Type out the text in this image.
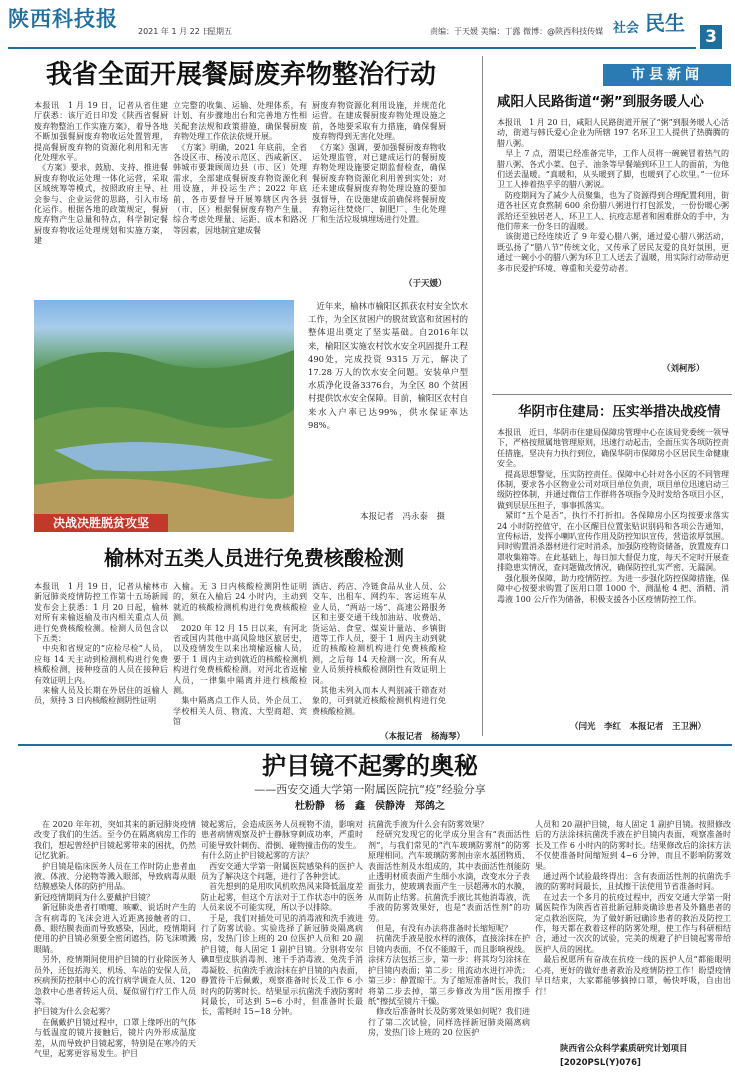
陕西科技报
2021 年 1 月 22 日
星期五	责编：于天媛 美编：丁露 微博：@陕西科技传媒 社会 民生
3
我省全面开展餐厨废弃物整治行动
本报讯　1 月 19 日，记者从省住建厅获悉：该厅近日印发《陕西省餐厨废弃物整治工作实施方案》，着导各地不断加强餐厨废弃物收运处置管理，提高餐厨废弃物的资源化利用和无害化处理水平。
　《方案》要求，鼓励、支持、推进餐厨废弃物收运处理一体化运营，采取区域统筹等模式，按照政府主导、社会参与、企业运营的思路，引入市场化运作。根据各地的政策规定，餐厨废弃物产生总量和特点，科学制定餐厨废弃物收运处理规划和实施方案，建
立完整的收集、运输、处理体系，有计划、有步骤地出台和完善地方性相关配套法规和政策措施，确保餐厨废弃物处理工作依法依规开展。
　《方案》明确，2021 年底前，全省各设区市、杨凌示范区、西咸新区、韩城市要兼顾周边县（市、区）处理需求，全部建成餐厨废弃物资源化利用设施，并投运生产；2022 年底前，各市要督导开展筹辖区内各县（市、区）根据餐厨废弃物产生量、综合考虑处理量、运距、成本和路况等因素，因地制宜建成餐
厨废弃物资源化利用设施，并规范化运营。在建成餐厨废弃物处理设施之前，各地要采取有力措施，确保餐厨废弃物得到无害化处理。
　《方案》强调，要加强餐厨废弃物收运处理监管，对已建成运行的餐厨废弃物处理设施要定期监督检查，确保餐厨废弃物资源化利用普到实处；对还未建成餐厨废弃物处理设施的要加强督导，在设施建成前确保将餐厨废弃物运往焚烧厂、制肥厂、生化处理厂和生活垃圾填埋场进行处置。
（于天媛）
决战决胜脱贫攻坚
　近年来，榆林市榆阳区抓获农村安全饮水工作，为全区贫困户的脱贫致富和贫困村的整体退出奠定了坚实基础。自2016年以来，榆阳区实施农村饮水安全巩固提升工程 490处，完成投资 9315 万元，解决了 17.28 万人的饮水安全问题。安装单户型水质净化设备3376台，为全区 80 个贫困村提供饮水安全保障。目前，榆阳区农村自来水入户率已达99%，供水保证率达 98%。
本报记者　冯永泰　摄
榆林对五类人员进行免费核酸检测
本报讯　1 月 19 日，记者从榆林市新冠肺炎疫情防控工作第十五场新闻发布会上获悉：1 月 20 日起，榆林对所有来榆返榆及市内相关重点人员进行免费核酸检测。检测人员包含以下五类：
　中央和省规定的“应检尽检”人员，应每 14 天主动到检测机构进行免费核酸检测，接种疫苗的人员在接种后有效证明上内。
　来榆人员及长期在外居住的返榆人员，须持 3 日内核酸检测阴性证明
入榆。无 3 日内核酸检测阴性证明的，须在入榆后 24 小时内，主动到就近的核酸检测机构进行免费核酸检测。
　2020 年 12 月 15 日以来，有河北省或国内其他中高风险地区旅居史，以及疫情发生以来出境榆返榆人员，要于 1 周内主动到就近的核酸检测机构进行免费核酸检测。对河北省返榆人员，一律集中隔离并进行核酸检测。
　集中隔离点工作人员、外企员工、学校相关人员、物流、大型商超、宾馆
酒店、药店、冷链食品从业人员、公交车、出租车、网约车、客运班车从业人员，“两站一场”、高速公路服务区和主要交通干线加油站、收费站、货运站、食堂、煤炭计量站、乡镇街道等工作人员，要于 1 周内主动到就近的核酸检测机构进行免费核酸检测，之后每 14 天检测一次，所有从业人员须持核酸检测阴性有效证明上岗。
　其他未列入而本人判别减干筛查对象的，可到就近核酸检测机构进行免费核酸检测。
（本报记者　杨海琴）
市县新闻
咸阳人民路街道“粥”到服务暖人心
本报讯　1 月 20 日，咸阳人民路街道开展了“粥”到服务暖人心活动，街道与韩氏爱心企业为所辖 197 名环卫工人提供了热腾腾的腊八粥。
　早上 7 点，渭渠已经准备完毕，工作人员将一碗碗冒着热气的腊八粥、各式小菜、包子、油条等早餐端到环卫工人的面前，为他们送去温暖。“真暖和，从头暖到了脚，也暖到了心坎里。”一位环卫工人捧着热乎乎的腊八粥说。
　防疫期间为了减少人员聚集，也为了资源得到合理配置利用，街道各社区克食熬制 600 余份腊八粥进行打包派发，一份份暖心粥派给还至独居老人、环卫工人、抗疫志愿者和困难群众的手中，为他们带来一份冬日的温暖。
　该街道已经连续近了 9 年爱心腊八粥，通过爱心腊八粥活动，既弘扬了“腊八节”传统文化，又传承了居民友爱的良好氛围，更通过一碗小小的腊八粥为环卫工人送去了温暖，用实际行动带动更多市民爱护环境、尊重和关爱劳动者。
（刘柯彤）
华阴市住建局：压实举措决战疫情
本报讯　近日，华阴市住建局保障房管理中心在该局党委统一领导下，严格按照属地管理原则，迅速行动起击，全面压实各项防控责任措施，坚决有力执行到位，确保华阴市保障房小区居民生命健康安全。
　提高思想警觉，压实防控责任。保障中心针对各小区的不同管理体制，要求各小区物业公司对项目单位负责，项目单位迅速启动三级防控体制，并通过微信工作群将各项指令及时发给各项目小区，做到层层压担子，事事抓落实。
　紧盯“五个是否”，执行不打折扣。各保障房小区均按要求落实 24 小时防控值守，在小区醒目位置张贴识别码和各项公告通知，宣传标语，发挥小喇叭宣传作用及防控知识宣传，营造浓厚氛围。同时购置消杀器材进行定时消杀，加强防疫物资储备，放置废弃口罩收集箱等。在此基础上，每日加大督促力度，每天不定时开展查排隐患实情况，查问题做改情况，确保防控扎实严密、无漏洞。
　强化服务保障，助力疫情防控。为进一步强化防控保障措施，保障中心按要求购置了医用口罩 1000 个、测温枪 4 把、酒精、消毒液 100 公斤作为储备，积极支援各小区疫情防控工作。
（闫光　李红　本报记者　王卫洲）
护目镜不起雾的奥秘
——西安交通大学第一附属医院抗“疫”经验分享
杜粉静　杨　鑫　侯静涛　郑鸽之
　在 2020 年年初，突如其来的新冠肺炎疫情改变了我们的生活。至今仍在隔离病房工作的我们，想起曾经护目镜起雾带来的困扰，仍然记忆犹新。
　护目镜是临床医务人员在工作时防止患者血液、体液、分泌物等溅入眼部，导致病毒从眼结膜感染人体的防护用品。
新冠疫情期间为什么要戴护目镜？
　新冠肺炎患者打喷嚏、咳嗽、说话时产生的含有病毒的飞沫会进入近距离接触者的口、鼻、眼结膜表面而导致感染，因此，疫情期间使用的护目镜必须要全密闭遮挡，防飞沫喷溅眼睛。
　另外，疫情期间使用护目镜的行业除医务人员外，还包括海关、机场、车站的安保人员，疾病预防控制中心的流行病学调查人员、120 急救中心患者转运人员、疑似留行疗工作人员等。
护目镜为什么会起雾？
　在佩戴护目镜过程中，口罩上缘呼出的气体与低温度的镜片接触后，镜片内外形成温度差，从而导致护目镜起雾，特别是在寒冷的天气里，起雾更容易发生。护目
镜起雾后，会造成医务人员视物不清，影响对患者病情观察及护士静脉穿刺成功率，严重时可能导致针刺伤、滑倒、碰物撞击伤的发生。
有什么防止护目镜起雾的方法？
　西安交通大学第一附属医院感染科的医护人员为了解决这个问题，进行了各种尝试。
　首先想到的是用吹风机吹热风来降低温度差防止起雾，但这个方法对于工作状态中的医务人员来说不可能实现，所以予以排除。
　于是，我们对插处可见的消毒液和洗手液进行了防雾试验。实验选择了新冠肺炎隔离病房，发热门诊上班的 20 位医护人员和 20 副护目镜，每人固定 1 副护目镜。分别将安尔碘Ⅱ型皮肤消毒剂、速干手消毒液、免洗手消毒凝胶、抗菌洗手液涂抹在护目镜的内表面，静置待干后佩戴，观察准备时长及工作 6 小时内的防雾时长。结果显示抗菌洗手液防雾时间最长，可达到 5~6 小时，但准备时长最长，需耗时 15~18 分钟。
抗菌洗手液为什么会有防雾效果？
　经研究发现它的化学成分里含有“表面活性剂”，与我们常见的“汽车玻璃防雾剂”的防雾原理相同。汽车玻璃防雾剂由亲水基团物质、表面活性剂及水组成的，其中表面活性剂能防止透明材质表面产生细小水滴，改变水分子表面张力，使玻璃表面产生一层超薄水的水膜，从而防止结雾。抗菌洗手液比其他消毒液，洗手液的防雾效果好，也是“表面活性剂”的功劳。
　但是，有没有办法将准备时长缩短呢？
　抗菌洗手液是胶水样的液体，直接涂抹在护目镜内表面，不仅不能晾干，而且影响视线。涂抹方法包括三步，第一步：将其均匀涂抹在护目镜内表面；第二步：用流动水进行冲洗；第三步：静置晾干。为了缩短准备时长，我们将第二步去掉，第三步修改为用“医用擦手纸”擦拭至镜片干燥。
　修改后准备时长及防雾效果如何呢？我们进行了第二次试验，同样选择新冠肺炎隔离病房，发热门诊上班的 20 位医护
人员和 20 副护目镜，每人固定 1 副护目镜。按照修改后的方法涂抹抗菌洗手液在护目镜内表面，观察准备时长及工作 6 小时内的防雾时长。结果修改后的涂抹方法不仅使准备时间缩短到 4~6 分钟，而且不影响防雾效果。
　通过两个试验最终得出：含有表面活性剂的抗菌洗手液的防雾时间最长，且拭擦干法使用节省准备时间。
　在过去一个多月的抗疫过程中，西安交通大学第一附属医院作为陕西省首批新冠肺炎确诊患者及外籍患者的定点救治医院，为了做好新冠确诊患者的救治及防控工作，每天都在救着这样的防雾处理，使工作与科研相结合，通过一次次的试验，完美的规避了护目镜起雾带给医护人员的困扰。
　最后祝愿所有奋战在抗疫一线的医护人员“都能眼明心亮，更好的做好患者救治及疫情防控工作！盼望疫情早日结束，大家都能够摘掉口罩，畅快呼吸，自由出行！
陕西省公众科学素质研究计划项目
[2020PSL(Y)076]
